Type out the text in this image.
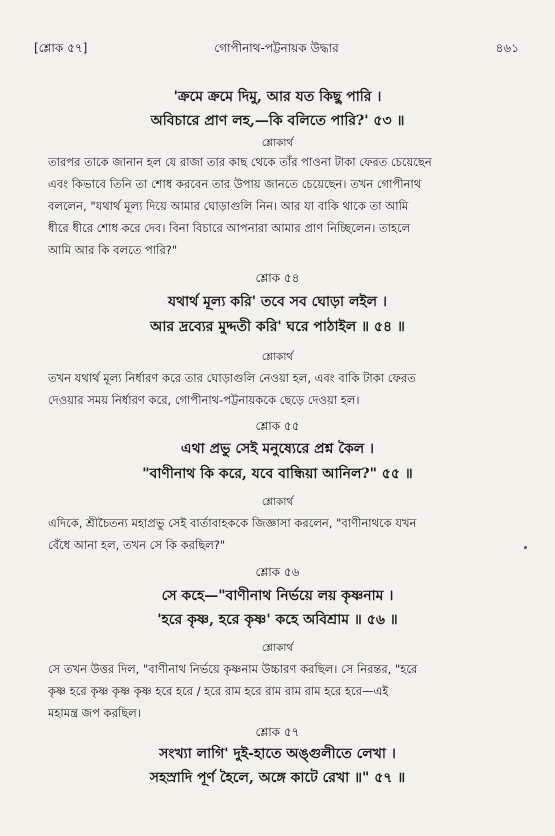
[শ্লোক ৫৭]	গোপীনাথ-পট্টনায়ক উদ্ধার	৪৬১
'ক্রমে ক্রমে দিমু, আর যত কিছু পারি ।
অবিচারে প্রাণ লহ,—কি বলিতে পারি?' ৫৩ ॥
শ্লোকার্থ
তারপর তাকে জানান হল যে রাজা তার কাছ থেকে তাঁর পাওনা টাকা ফেরত চেয়েছেন
এবং কিভাবে তিনি তা শোধ করবেন তার উপায় জানতে চেয়েছেন। তখন গোপীনাথ
বললেন, "যথার্থ মূল্য দিয়ে আমার ঘোড়াগুলি নিন। আর যা বাকি থাকে তা আমি
ধীরে ধীরে শোধ করে দেব। বিনা বিচারে আপনারা আমার প্রাণ নিচ্ছিলেন। তাহলে
আমি আর কি বলতে পারি?"
শ্লোক ৫৪
যথার্থ মূল্য করি' তবে সব ঘোড়া লইল ।
আর দ্রব্যের মুদ্দতী করি' ঘরে পাঠাইল ॥ ৫৪ ॥
শ্লোকার্থ
তখন যথার্থ মূল্য নির্ধারণ করে তার ঘোড়াগুলি নেওয়া হল, এবং বাকি টাকা ফেরত
দেওয়ার সময় নির্ধারণ করে, গোপীনাথ-পট্টনায়ককে ছেড়ে দেওয়া হল।
শ্লোক ৫৫
এথা প্রভু সেই মনুষ্যেরে প্রশ্ন কৈল ।
"বাণীনাথ কি করে, যবে বান্ধিয়া আনিল?" ৫৫ ॥
শ্লোকার্থ
এদিকে, শ্রীচৈতন্য মহাপ্রভু সেই বার্তাবাহককে জিজ্ঞাসা করলেন, "বাণীনাথকে যখন
বেঁধে আনা হল, তখন সে কি করছিল?"
শ্লোক ৫৬
সে কহে—"বাণীনাথ নির্ভয়ে লয় কৃষ্ণনাম ।
'হরে কৃষ্ণ, হরে কৃষ্ণ' কহে অবিশ্রাম ॥ ৫৬ ॥
শ্লোকার্থ
সে তখন উত্তর দিল, "বাণীনাথ নির্ভয়ে কৃষ্ণনাম উচ্চারণ করছিল। সে নিরন্তর, "হরে
কৃষ্ণ হরে কৃষ্ণ কৃষ্ণ কৃষ্ণ হরে হরে / হরে রাম হরে রাম রাম রাম হরে হরে—এই
মহামন্ত্র জপ করছিল।
শ্লোক ৫৭
সংখ্যা লাগি' দুই-হাতে অঙ্গুলীতে লেখা ।
সহস্রাদি পূর্ণ হৈলে, অঙ্গে কাটে রেখা ॥" ৫৭ ॥
